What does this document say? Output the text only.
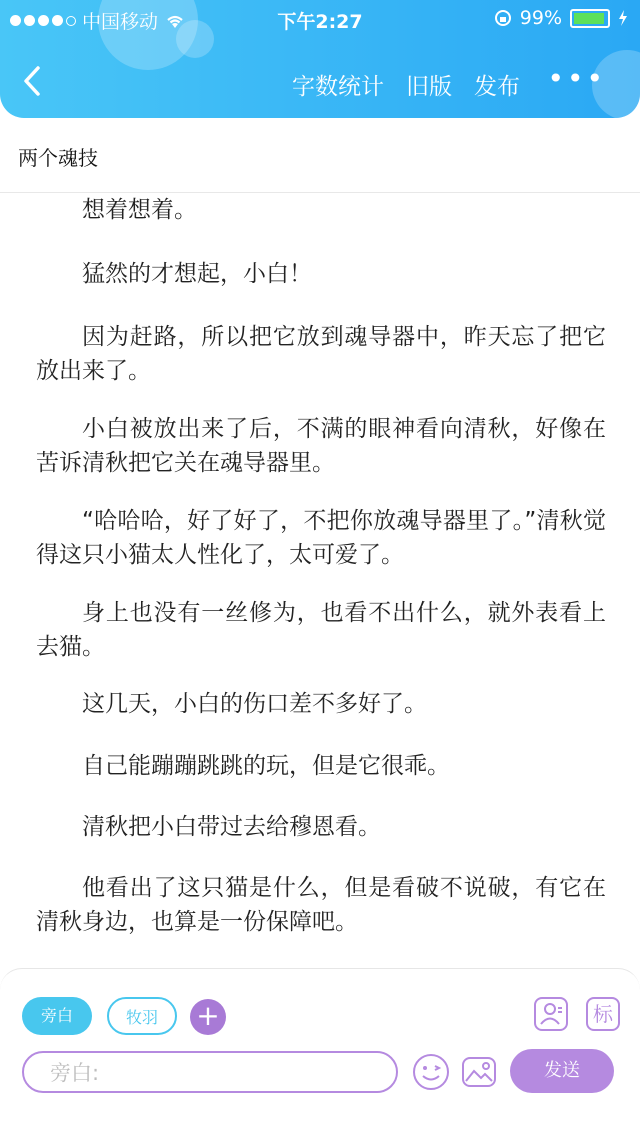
中国移动	下午2:27	99%
字数统计 旧版 发布 •••
两个魂技
想着想着。
猛然的才想起，小白！
因为赶路，所以把它放到魂导器中，昨天忘了把它放出来了。
小白被放出来了后，不满的眼神看向清秋，好像在苦诉清秋把它关在魂导器里。
“哈哈哈，好了好了，不把你放魂导器里了。”清秋觉得这只小猫太人性化了，太可爱了。
身上也没有一丝修为，也看不出什么，就外表看上去猫。
这几天，小白的伤口差不多好了。
自己能蹦蹦跳跳的玩，但是它很乖。
清秋把小白带过去给穆恩看。
他看出了这只猫是什么，但是看破不说破，有它在清秋身边，也算是一份保障吧。
旁白	牧羽	+	标
旁白:
发送
